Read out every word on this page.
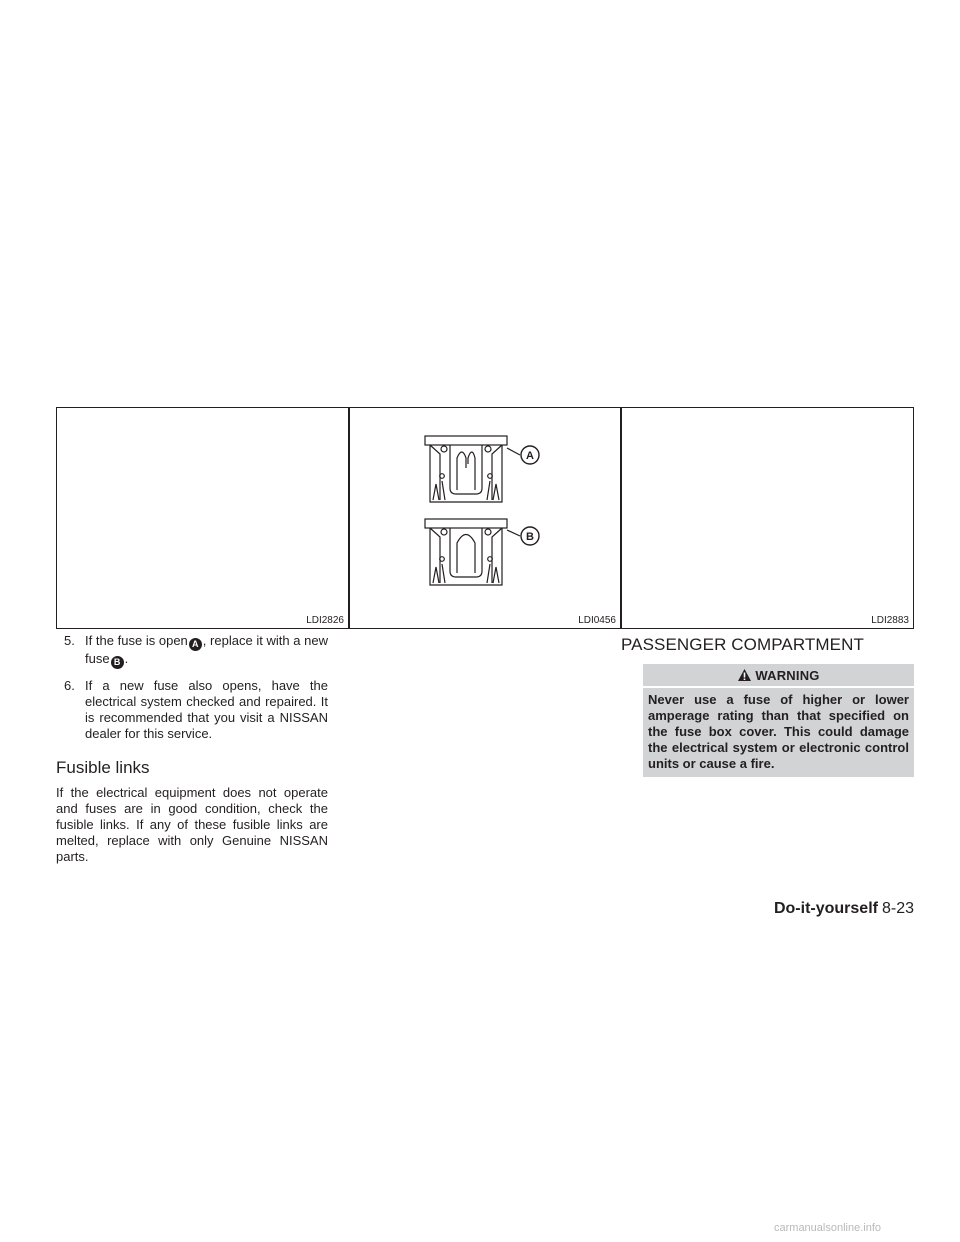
LDI2826
A
B
LDI0456	LDI2883
5. If the fuse is open A , replace it with a new fuse B .
6. If a new fuse also opens, have the electrical system checked and repaired. It is recommended that you visit a NISSAN dealer for this service.
Fusible links

If the electrical equipment does not operate and fuses are in good condition, check the fusible links. If any of these fusible links are melted, replace with only Genuine NISSAN parts.

PASSENGER COMPARTMENT
WARNING
Never use a fuse of higher or lower amperage rating than that specified on the fuse box cover. This could damage the electrical system or electronic control units or cause a fire.
Do-it-yourself 8-23
carmanualsonline.info
